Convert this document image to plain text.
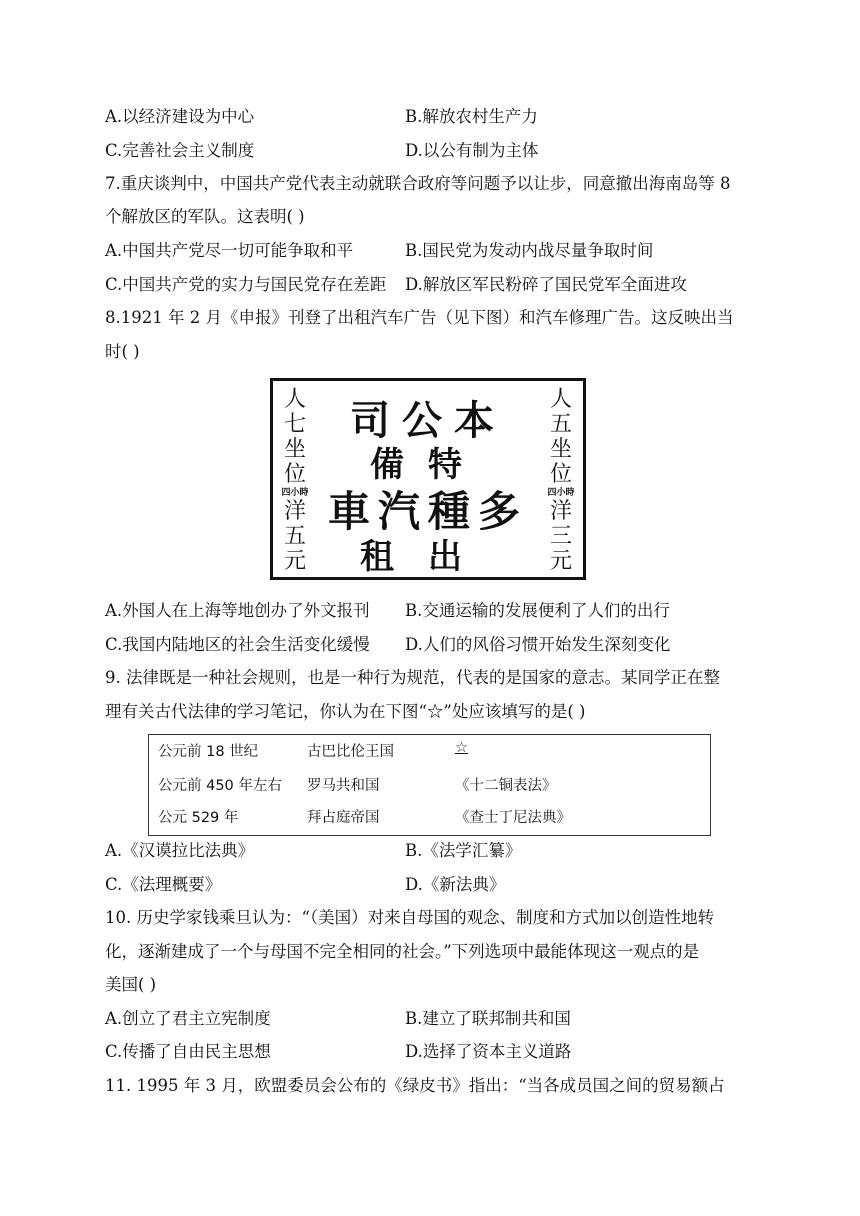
A.以经济建设为中心	B.解放农村生产力
C.完善社会主义制度	D.以公有制为主体
7.重庆谈判中，中国共产党代表主动就联合政府等问题予以让步，同意撤出海南岛等 8
个解放区的军队。这表明( )
A.中国共产党尽一切可能争取和平	B.国民党为发动内战尽量争取时间
C.中国共产党的实力与国民党存在差距 D.解放区军民粉碎了国民党军全面进攻
8.1921 年 2 月《申报》刊登了出租汽车广告（见下图）和汽车修理广告。这反映出当
时( )
人七
坐
位
四小時
洋
五
元
司公本
備特
車汽種多
租出
人五
坐
位
四小時
洋
三
元
A.外国人在上海等地创办了外文报刊 B.交通运输的发展便利了人们的出行
C.我国内陆地区的社会生活变化缓慢 D.人们的风俗习惯开始发生深刻变化
9. 法律既是一种社会规则，也是一种行为规范，代表的是国家的意志。某同学正在整
理有关古代法律的学习笔记，你认为在下图“☆”处应该填写的是( )
公元前 18 世纪	古巴比伦王国	☆
公元前 450 年左右 罗马共和国	《十二铜表法》
公元 529 年	拜占庭帝国	《查士丁尼法典》
A.《汉谟拉比法典》	B.《法学汇纂》
C.《法理概要》	D.《新法典》
10. 历史学家钱乘旦认为：“（美国）对来自母国的观念、制度和方式加以创造性地转
化，逐渐建成了一个与母国不完全相同的社会。”下列选项中最能体现这一观点的是
美国( )
A.创立了君主立宪制度	B.建立了联邦制共和国
C.传播了自由民主思想	D.选择了资本主义道路
11. 1995 年 3 月，欧盟委员会公布的《绿皮书》指出：“当各成员国之间的贸易额占
